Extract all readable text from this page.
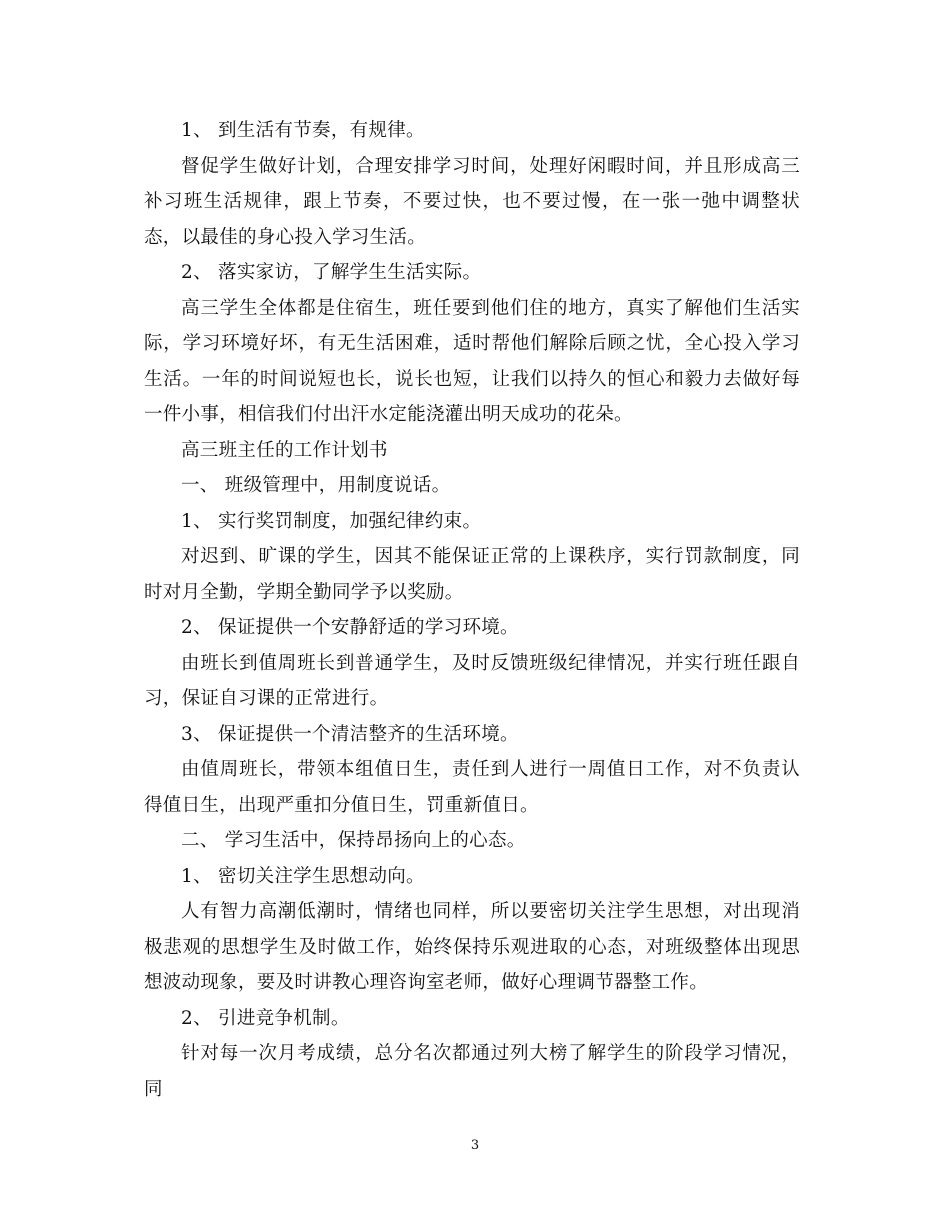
1、 到生活有节奏，有规律。

督促学生做好计划，合理安排学习时间，处理好闲暇时间，并且形成高三补习班生活规律，跟上节奏，不要过快，也不要过慢，在一张一弛中调整状态，以最佳的身心投入学习生活。

2、 落实家访，了解学生生活实际。

高三学生全体都是住宿生，班任要到他们住的地方，真实了解他们生活实际，学习环境好坏，有无生活困难，适时帮他们解除后顾之忧，全心投入学习生活。一年的时间说短也长，说长也短，让我们以持久的恒心和毅力去做好每一件小事，相信我们付出汗水定能浇灌出明天成功的花朵。

高三班主任的工作计划书

一、 班级管理中，用制度说话。

1、 实行奖罚制度，加强纪律约束。

对迟到、旷课的学生，因其不能保证正常的上课秩序，实行罚款制度，同时对月全勤，学期全勤同学予以奖励。

2、 保证提供一个安静舒适的学习环境。

由班长到值周班长到普通学生，及时反馈班级纪律情况，并实行班任跟自习，保证自习课的正常进行。

3、 保证提供一个清洁整齐的生活环境。

由值周班长，带领本组值日生，责任到人进行一周值日工作，对不负责认得值日生，出现严重扣分值日生，罚重新值日。

二、 学习生活中，保持昂扬向上的心态。

1、 密切关注学生思想动向。

人有智力高潮低潮时，情绪也同样，所以要密切关注学生思想，对出现消极悲观的思想学生及时做工作，始终保持乐观进取的心态，对班级整体出现思想波动现象，要及时讲教心理咨询室老师，做好心理调节器整工作。

2、 引进竞争机制。

针对每一次月考成绩，总分名次都通过列大榜了解学生的阶段学习情况，同

3
